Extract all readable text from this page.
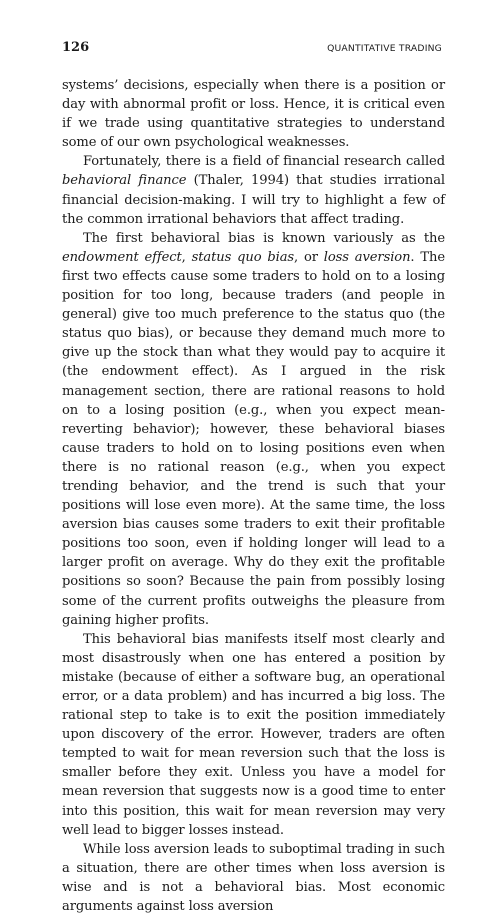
126	QUANTITATIVE TRADING

systems’ decisions, especially when there is a position or day with abnormal profit or loss. Hence, it is critical even if we trade using quantitative strategies to understand some of our own psychological weaknesses.

Fortunately, there is a field of financial research called behavioral finance (Thaler, 1994) that studies irrational financial decision-making. I will try to highlight a few of the common irrational behaviors that affect trading.

The first behavioral bias is known variously as the endowment effect, status quo bias, or loss aversion. The first two effects cause some traders to hold on to a losing position for too long, because traders (and people in general) give too much preference to the status quo (the status quo bias), or because they demand much more to give up the stock than what they would pay to acquire it (the endowment effect). As I argued in the risk management section, there are rational reasons to hold on to a losing position (e.g., when you expect mean-reverting behavior); however, these behavioral biases cause traders to hold on to losing positions even when there is no rational reason (e.g., when you expect trending behavior, and the trend is such that your positions will lose even more). At the same time, the loss aversion bias causes some traders to exit their profitable positions too soon, even if holding longer will lead to a larger profit on average. Why do they exit the profitable positions so soon? Because the pain from possibly losing some of the current profits outweighs the pleasure from gaining higher profits.

This behavioral bias manifests itself most clearly and most disastrously when one has entered a position by mistake (because of either a software bug, an operational error, or a data problem) and has incurred a big loss. The rational step to take is to exit the position immediately upon discovery of the error. However, traders are often tempted to wait for mean reversion such that the loss is smaller before they exit. Unless you have a model for mean reversion that suggests now is a good time to enter into this position, this wait for mean reversion may very well lead to bigger losses instead.

While loss aversion leads to suboptimal trading in such a situation, there are other times when loss aversion is wise and is not a behavioral bias. Most economic arguments against loss aversion
